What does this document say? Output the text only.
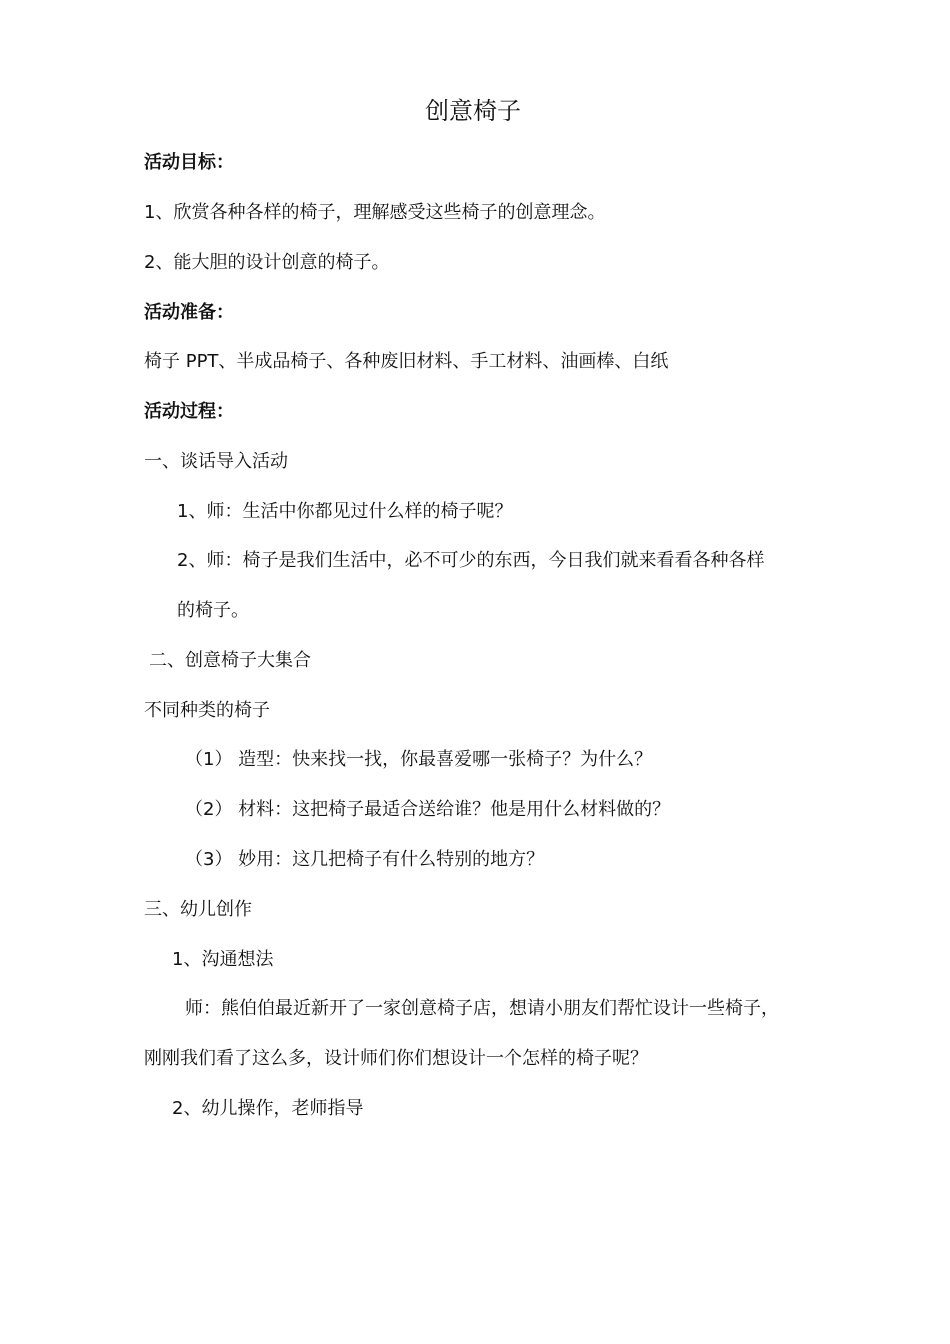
创意椅子
活动目标：
1、欣赏各种各样的椅子，理解感受这些椅子的创意理念。
2、能大胆的设计创意的椅子。
活动准备：
椅子 PPT、半成品椅子、各种废旧材料、手工材料、油画棒、白纸
活动过程：
一、谈话导入活动
1、师：生活中你都见过什么样的椅子呢？
2、师：椅子是我们生活中，必不可少的东西，今日我们就来看看各种各样
的椅子。
二、创意椅子大集合
不同种类的椅子
（1） 造型：快来找一找，你最喜爱哪一张椅子？为什么？
（2） 材料：这把椅子最适合送给谁？他是用什么材料做的？
（3） 妙用：这几把椅子有什么特别的地方？
三、幼儿创作
1、沟通想法
师：熊伯伯最近新开了一家创意椅子店，想请小朋友们帮忙设计一些椅子，
刚刚我们看了这么多，设计师们你们想设计一个怎样的椅子呢？
2、幼儿操作，老师指导
